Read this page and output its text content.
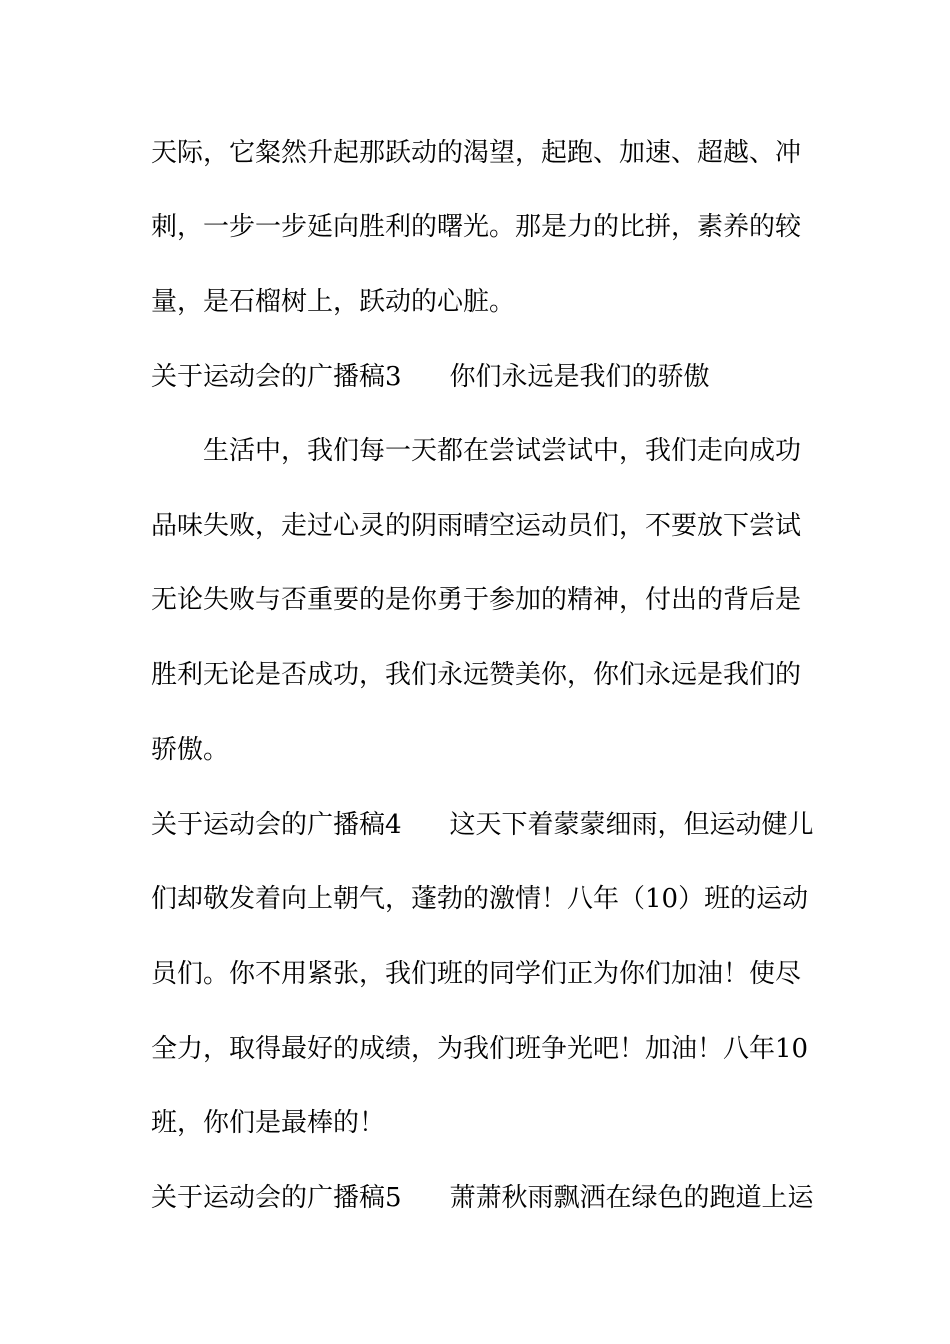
天际，它粲然升起那跃动的渴望，起跑、加速、超越、冲
刺，一步一步延向胜利的曙光。那是力的比拼，素养的较
量，是石榴树上，跃动的心脏。
关于运动会的广播稿3 你们永远是我们的骄傲
生活中，我们每一天都在尝试尝试中，我们走向成功
品味失败，走过心灵的阴雨晴空运动员们，不要放下尝试
无论失败与否重要的是你勇于参加的精神，付出的背后是
胜利无论是否成功，我们永远赞美你，你们永远是我们的
骄傲。
关于运动会的广播稿4 这天下着蒙蒙细雨，但运动健儿
们却敬发着向上朝气，蓬勃的激情！八年（10）班的运动
员们。你不用紧张，我们班的同学们正为你们加油！使尽
全力，取得最好的成绩，为我们班争光吧！加油！八年10
班，你们是最棒的！
关于运动会的广播稿5 萧萧秋雨飘洒在绿色的跑道上运
